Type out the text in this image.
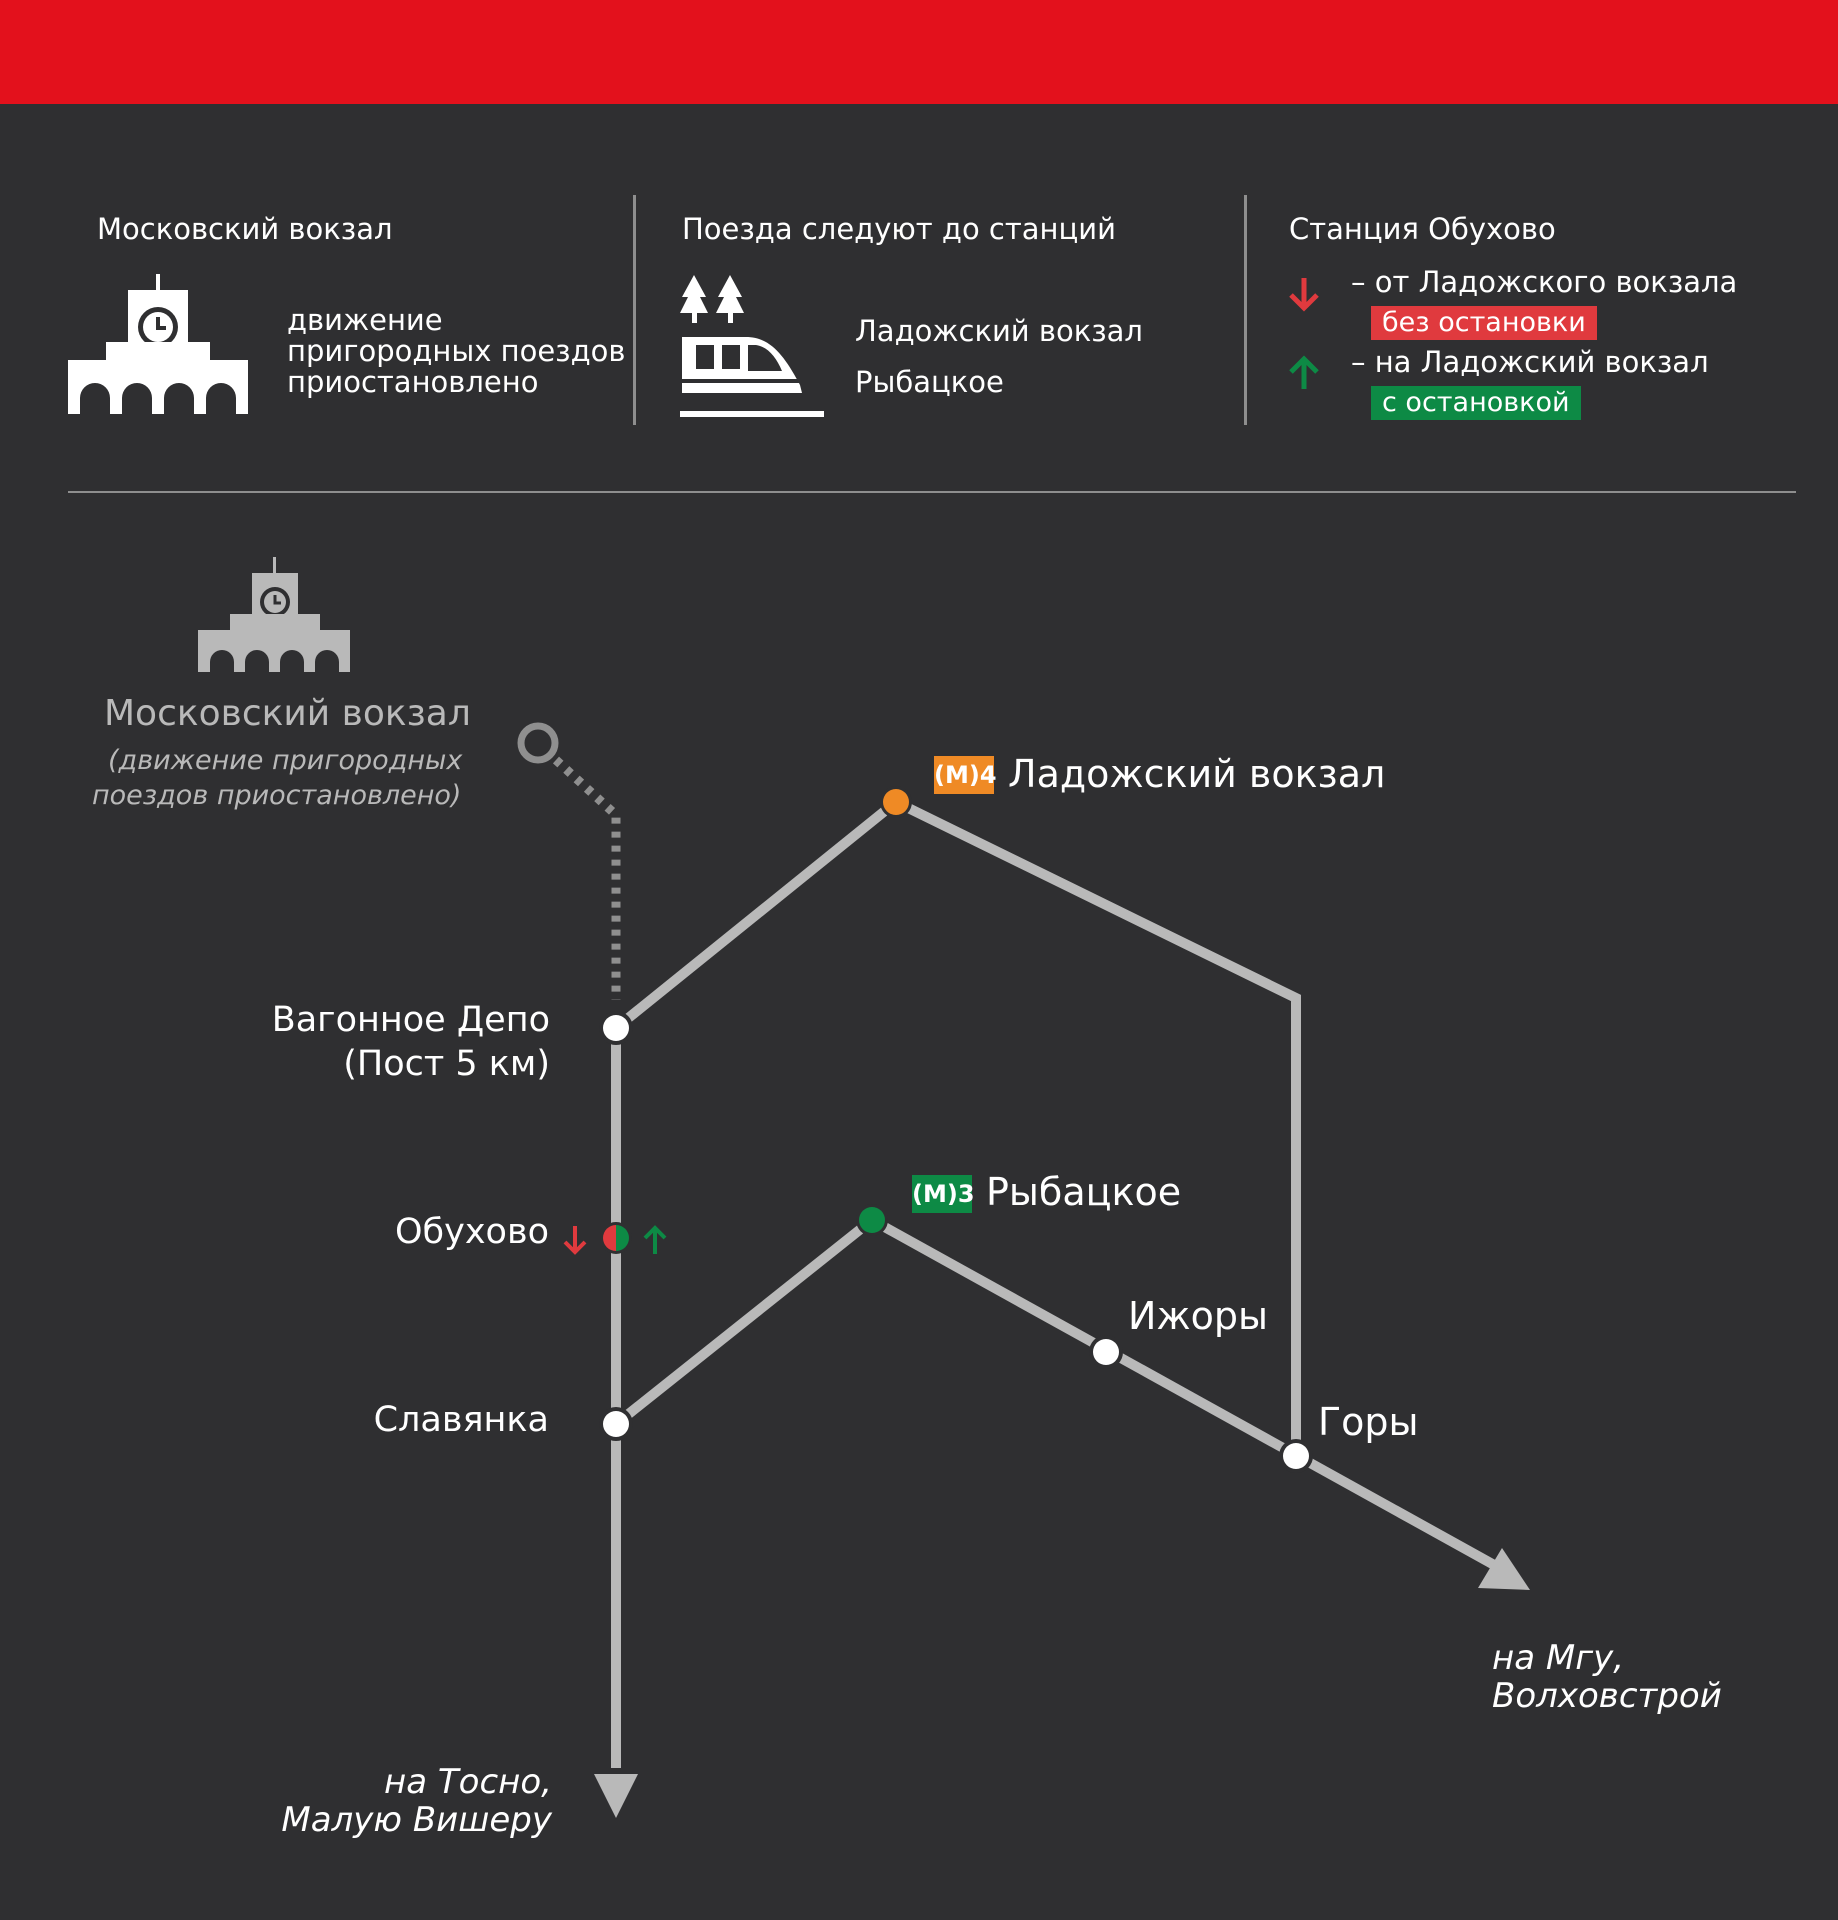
Московский вокзал
движение
пригородных поездов
приостановлено
Поезда следуют до станций
Ладожский вокзал
Рыбацкое
Станция Обухово
– от Ладожского вокзала
без остановки
– на Ладожский вокзал
с остановкой
Московский вокзал
(движение пригородных
поездов приостановлено)
(M)4 Ладожский вокзал
(M)3 Рыбацкое
Вагонное Депо
(Пост 5 км)
Обухово
Славянка
Ижоры
Горы
на Тосно,
Малую Вишеру
на Мгу,
Волховстрой
